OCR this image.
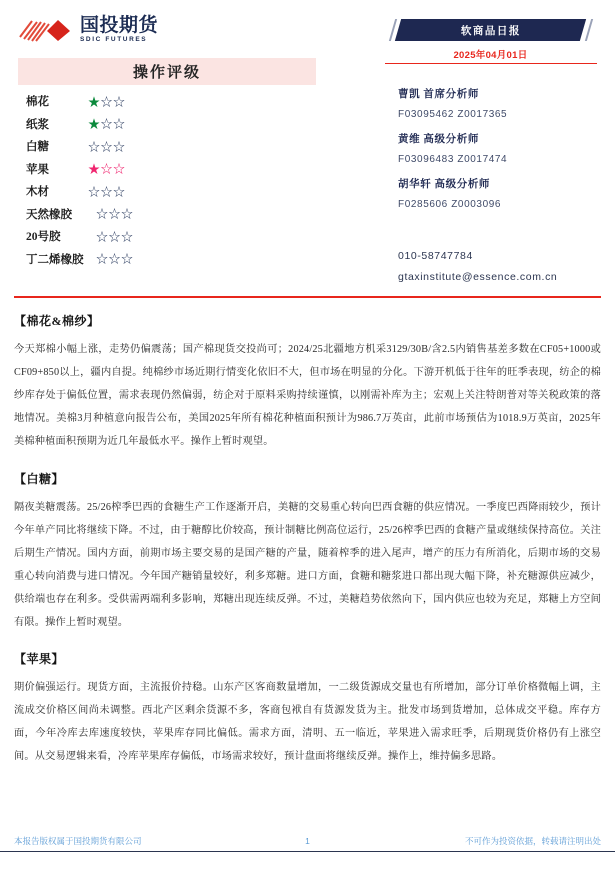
国投期货
SDIC FUTURES
操作评级
棉花	★☆☆
纸浆	★☆☆
白糖	☆☆☆
苹果	★☆☆
木材	☆☆☆
天然橡胶	☆☆☆
20号胶	☆☆☆
丁二烯橡胶	☆☆☆
软商品日报
2025年04月01日
曹凯 首席分析师
F03095462 Z0017365
黄维 高级分析师
F03096483 Z0017474
胡华轩 高级分析师
F0285606 Z0003096
010-58747784
gtaxinstitute@essence.com.cn
【棉花&棉纱】
今天郑棉小幅上涨，走势仍偏震荡；国产棉现货交投尚可；2024/25北疆地方机采3129/30B/含2.5内销售基差多数在CF05+1000或CF09+850以上，疆内自提。纯棉纱市场近期行情变化依旧不大，但市场在明显的分化。下游开机低于往年的旺季表现，纺企的棉纱库存处于偏低位置，需求表现仍然偏弱，纺企对于原料采购持续谨慎，以刚需补库为主；宏观上关注特朗普对等关税政策的落地情况。美棉3月种植意向报告公布，美国2025年所有棉花种植面积预计为986.7万英亩，此前市场预估为1018.9万英亩，2025年美棉种植面积预期为近几年最低水平。操作上暂时观望。
【白糖】
隔夜美糖震荡。25/26榨季巴西的食糖生产工作逐渐开启，美糖的交易重心转向巴西食糖的供应情况。一季度巴西降雨较少，预计今年单产同比将继续下降。不过，由于糖醇比价较高，预计制糖比例高位运行，25/26榨季巴西的食糖产量或继续保持高位。关注后期生产情况。国内方面，前期市场主要交易的是国产糖的产量，随着榨季的进入尾声，增产的压力有所消化，后期市场的交易重心转向消费与进口情况。今年国产糖销量较好，利多郑糖。进口方面，食糖和糖浆进口都出现大幅下降，补充糖源供应减少，供给端也存在利多。受供需两端利多影响，郑糖出现连续反弹。不过，美糖趋势依然向下，国内供应也较为充足，郑糖上方空间有限。操作上暂时观望。
【苹果】
期价偏强运行。现货方面，主流报价持稳。山东产区客商数量增加，一二级货源成交量也有所增加，部分订单价格微幅上调，主流成交价格区间尚未调整。西北产区剩余货源不多，客商包袱自有货源发货为主。批发市场到货增加，总体成交平稳。库存方面，今年冷库去库速度较快，苹果库存同比偏低。需求方面，清明、五一临近，苹果进入需求旺季，后期现货价格仍有上涨空间。从交易逻辑来看，冷库苹果库存偏低，市场需求较好，预计盘面将继续反弹。操作上，维持偏多思路。
本报告版权属于国投期货有限公司	1	不可作为投资依据，转载请注明出处
